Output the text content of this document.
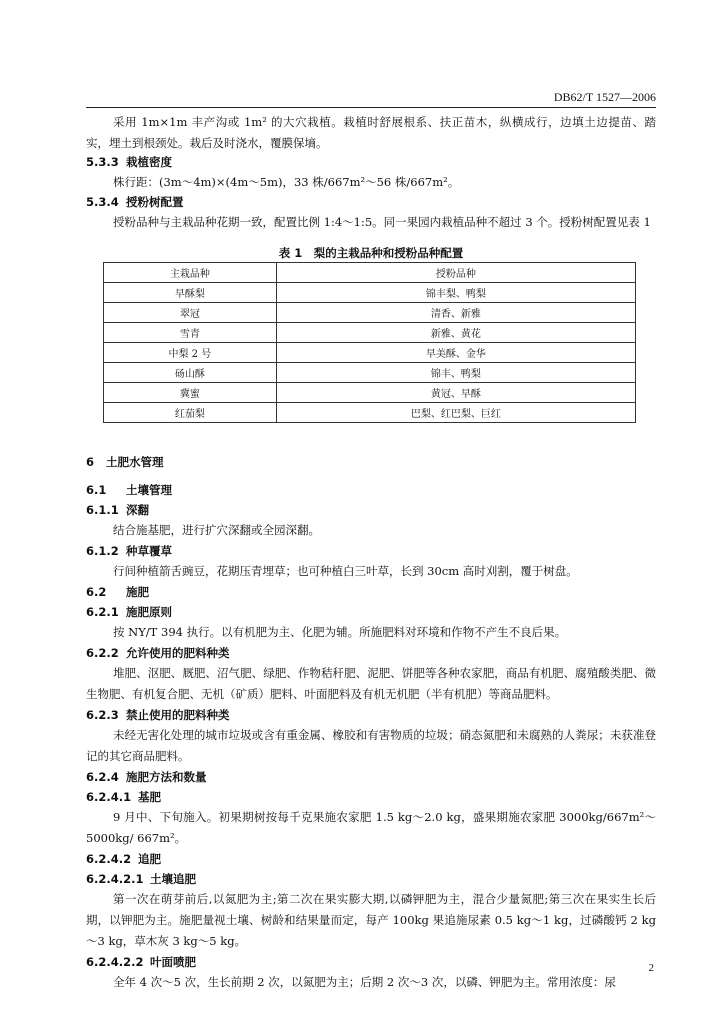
DB62/T 1527—2006

采用 1m×1m 丰产沟或 1m² 的大穴栽植。栽植时舒展根系、扶正苗木，纵横成行，边填土边提苗、踏实，埋土到根颈处。栽后及时浇水，覆膜保墒。

5.3.3 栽植密度

株行距：(3m～4m)×(4m～5m)，33 株/667m²～56 株/667m²。

5.3.4 授粉树配置

授粉品种与主栽品种花期一致，配置比例 1:4～1:5。同一果园内栽植品种不超过 3 个。授粉树配置见表 1

表 1　梨的主栽品种和授粉品种配置
主栽品种	授粉品种
早酥梨	锦丰梨、鸭梨
翠冠	清香、新雅
雪青	新雅、黄花
中梨 2 号	早美酥、金华
砀山酥	锦丰、鸭梨
冀蜜	黄冠、早酥
红茄梨	巴梨、红巴梨、巨红

6 土肥水管理

6.1 土壤管理

6.1.1 深翻

结合施基肥，进行扩穴深翻或全园深翻。

6.1.2 种草覆草

行间种植箭舌豌豆，花期压青埋草；也可种植白三叶草，长到 30cm 高时刈割，覆于树盘。

6.2 施肥

6.2.1 施肥原则

按 NY/T 394 执行。以有机肥为主、化肥为辅。所施肥料对环境和作物不产生不良后果。

6.2.2 允许使用的肥料种类

堆肥、沤肥、厩肥、沼气肥、绿肥、作物秸秆肥、泥肥、饼肥等各种农家肥，商品有机肥、腐殖酸类肥、微生物肥、有机复合肥、无机（矿质）肥料、叶面肥料及有机无机肥（半有机肥）等商品肥料。

6.2.3 禁止使用的肥料种类

未经无害化处理的城市垃圾或含有重金属、橡胶和有害物质的垃圾；硝态氮肥和未腐熟的人粪尿；未获准登记的其它商品肥料。

6.2.4 施肥方法和数量

6.2.4.1 基肥

9 月中、下旬施入。初果期树按每千克果施农家肥 1.5 kg～2.0 kg，盛果期施农家肥 3000kg/667m²～5000kg/ 667m²。

6.2.4.2 追肥

6.2.4.2.1 土壤追肥

第一次在萌芽前后,以氮肥为主;第二次在果实膨大期,以磷钾肥为主，混合少量氮肥;第三次在果实生长后期，以钾肥为主。施肥量视土壤、树龄和结果量而定，每产 100kg 果追施尿素 0.5 kg～1 kg，过磷酸钙 2 kg～3 kg，草木灰 3 kg～5 kg。

6.2.4.2.2 叶面喷肥

全年 4 次～5 次，生长前期 2 次，以氮肥为主；后期 2 次～3 次，以磷、钾肥为主。常用浓度：尿

2
